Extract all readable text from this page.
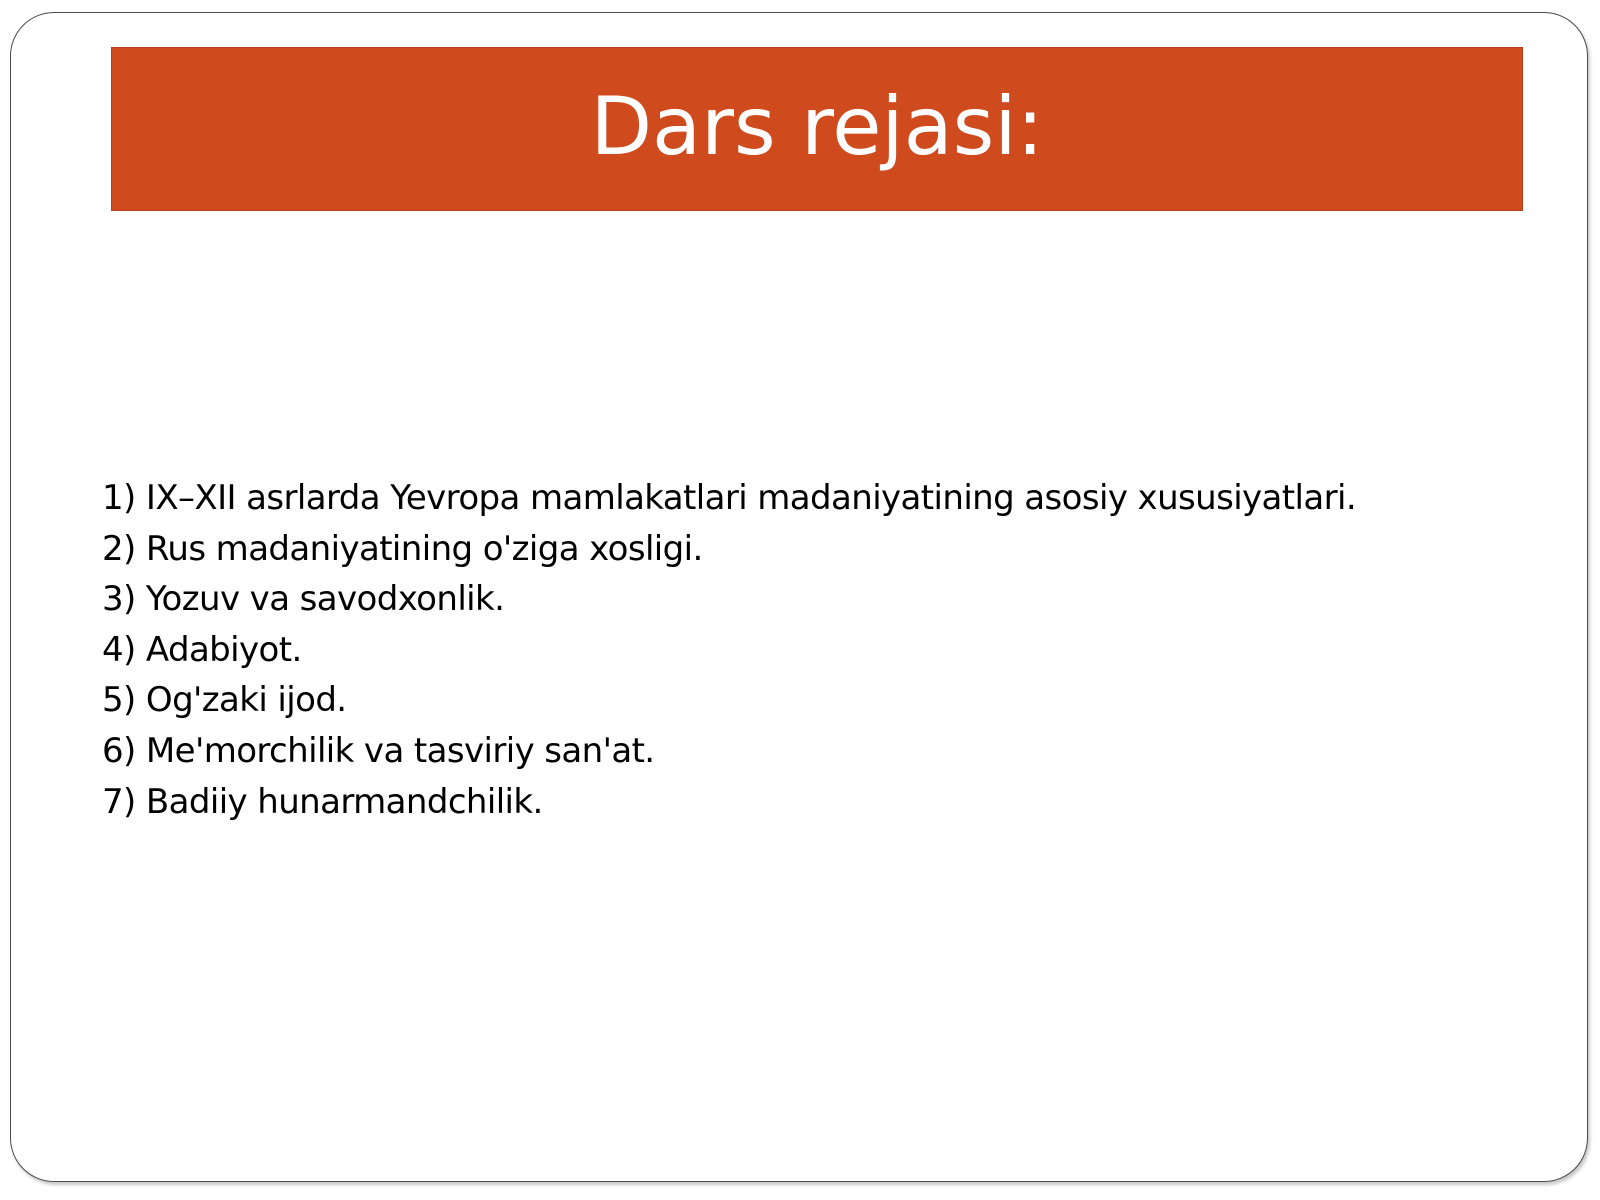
Dars rejasi:
1) IX–XII asrlarda Yevropa mamlakatlari madaniyatining asosiy xususiyatlari.
2) Rus madaniyatining o'ziga xosligi.
3) Yozuv va savodxonlik.
4) Adabiyot.
5) Og'zaki ijod.
6) Me'morchilik va tasviriy san'at.
7) Badiiy hunarmandchilik.
